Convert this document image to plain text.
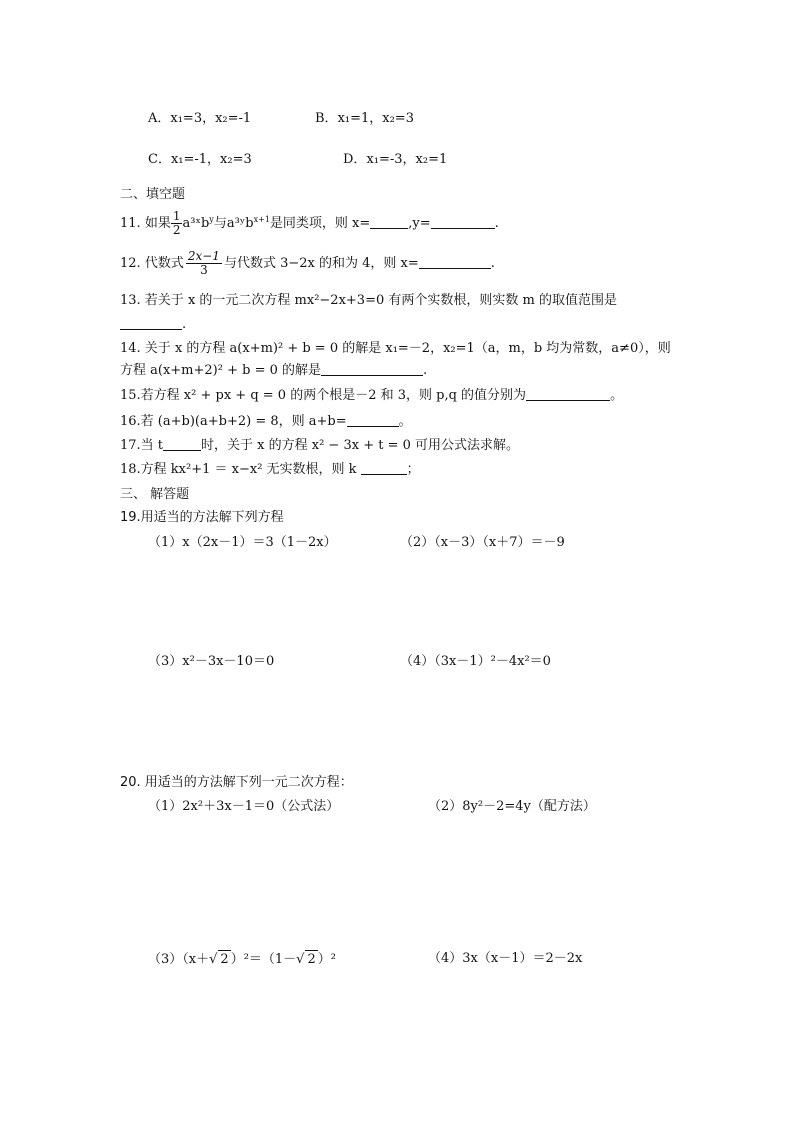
A．x₁=3，x₂=-1	B．x₁=1，x₂=3
C．x₁=-1，x₂=3	D．x₁=-3，x₂=1
二、填空题
11. 如果 $\frac{1}{2}$ a³ˣb$^y$与a³ʸb$^{x+1}$是同类项，则 x=	,y=	.
12. 代数式 $\frac{2x-1}{3}$ 与代数式 3−2x 的和为 4，则 x=	.
13. 若关于 x 的一元二次方程 mx²−2x+3=0 有两个实数根，则实数 m 的取值范围是
.
14. 关于 x 的方程 a(x+m)² + b = 0 的解是 x₁=－2，x₂=1（a，m，b 均为常数，a≠0），则
方程 a(x+m+2)² + b = 0 的解是	.
15.若方程 x² + px + q = 0 的两个根是－2 和 3，则 p,q 的值分别为	。
16.若 (a+b)(a+b+2) = 8，则 a+b=	。
17.当 t	时，关于 x 的方程 x² − 3x + t = 0 可用公式法求解。
18.方程 kx²+1 ＝ x−x² 无实数根，则 k	；
三、 解答题
19.用适当的方法解下列方程
（1）x（2x－1）＝3（1－2x）	（2）（x－3）（x＋7）＝－9
（3）x²－3x－10＝0	（4）（3x－1）²－4x²＝0
20. 用适当的方法解下列一元二次方程：
（1）2x²＋3x－1＝0（公式法）	（2）8y²－2=4y（配方法）
（3）（x＋√ 2 ）²＝（1－√ 2 ）²	（4）3x（x－1）＝2－2x
